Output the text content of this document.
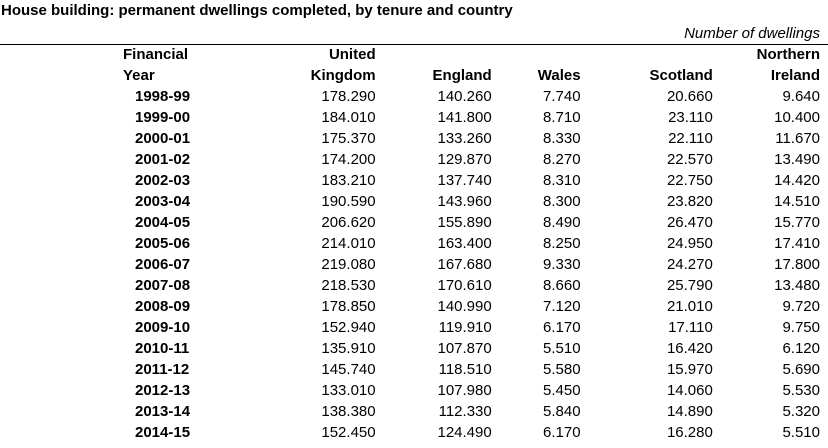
House building: permanent dwellings completed, by tenure and country
Number of dwellings
Financial	United				Northern
Year	Kingdom	England	Wales	Scotland	Ireland
1998-99	178.290	140.260	7.740	20.660	9.640
1999-00	184.010	141.800	8.710	23.110	10.400
2000-01	175.370	133.260	8.330	22.110	11.670
2001-02	174.200	129.870	8.270	22.570	13.490
2002-03	183.210	137.740	8.310	22.750	14.420
2003-04	190.590	143.960	8.300	23.820	14.510
2004-05	206.620	155.890	8.490	26.470	15.770
2005-06	214.010	163.400	8.250	24.950	17.410
2006-07	219.080	167.680	9.330	24.270	17.800
2007-08	218.530	170.610	8.660	25.790	13.480
2008-09	178.850	140.990	7.120	21.010	9.720
2009-10	152.940	119.910	6.170	17.110	9.750
2010-11	135.910	107.870	5.510	16.420	6.120
2011-12	145.740	118.510	5.580	15.970	5.690
2012-13	133.010	107.980	5.450	14.060	5.530
2013-14	138.380	112.330	5.840	14.890	5.320
2014-15	152.450	124.490	6.170	16.280	5.510
